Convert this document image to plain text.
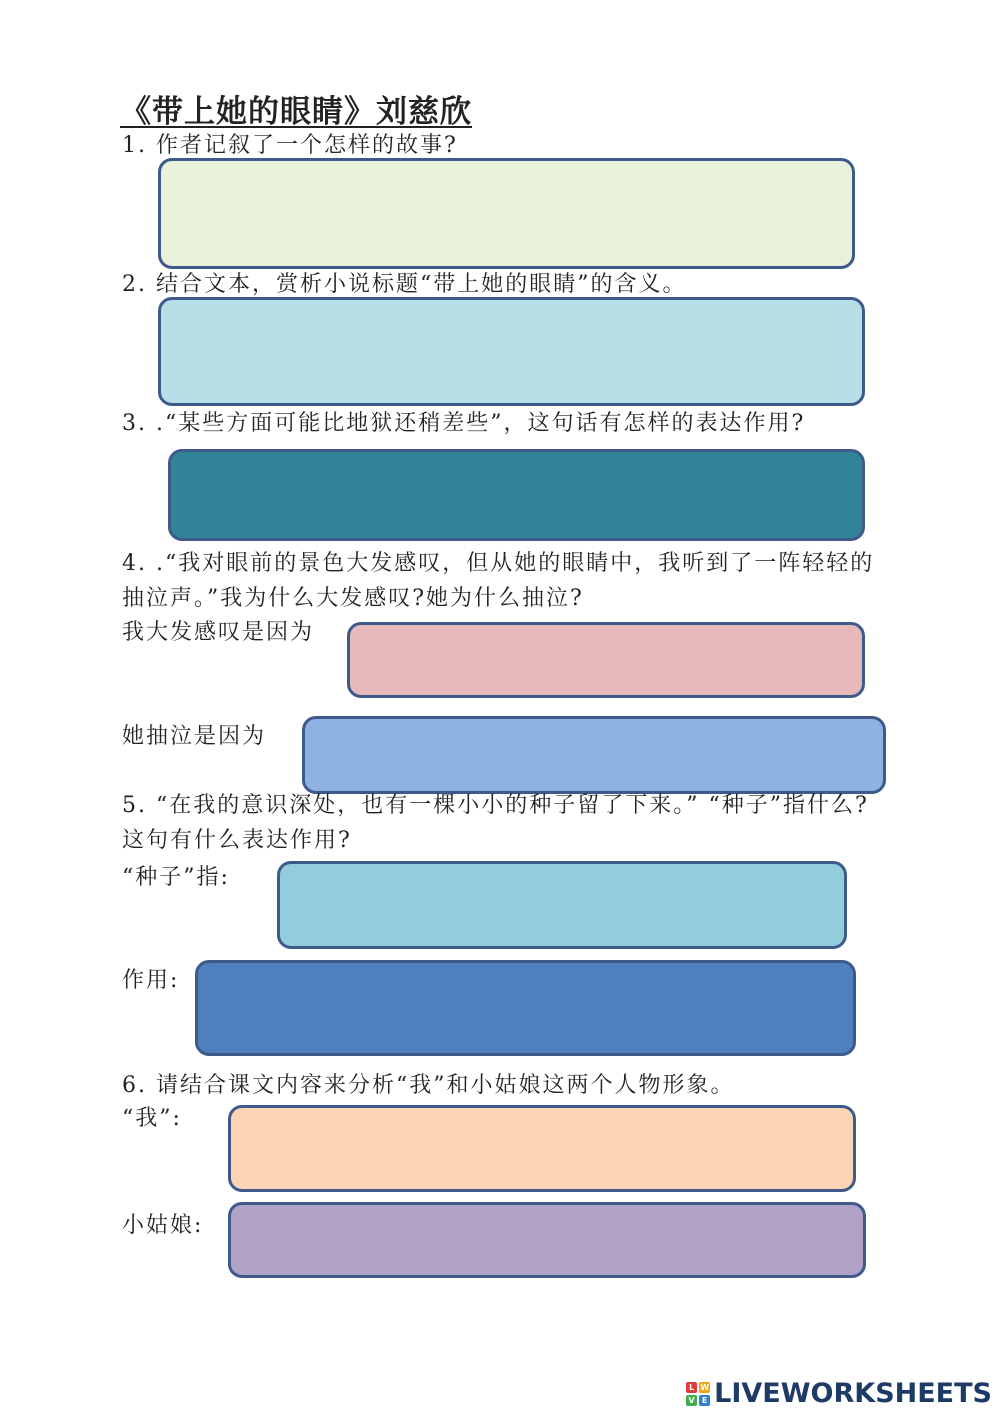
《带上她的眼睛》刘慈欣
1. 作者记叙了一个怎样的故事?
2. 结合文本，赏析小说标题“带上她的眼睛”的含义。
3. .“某些方面可能比地狱还稍差些”，这句话有怎样的表达作用?
4. .“我对眼前的景色大发感叹，但从她的眼睛中，我听到了一阵轻轻的抽泣声。”我为什么大发感叹?她为什么抽泣?
我大发感叹是因为
她抽泣是因为
5. “在我的意识深处，也有一棵小小的种子留了下来。” “种子”指什么?这句有什么表达作用?
“种子”指:
作用:
6. 请结合课文内容来分析“我”和小姑娘这两个人物形象。
“我”:
小姑娘:
L W
V E LIVEWORKSHEETS
